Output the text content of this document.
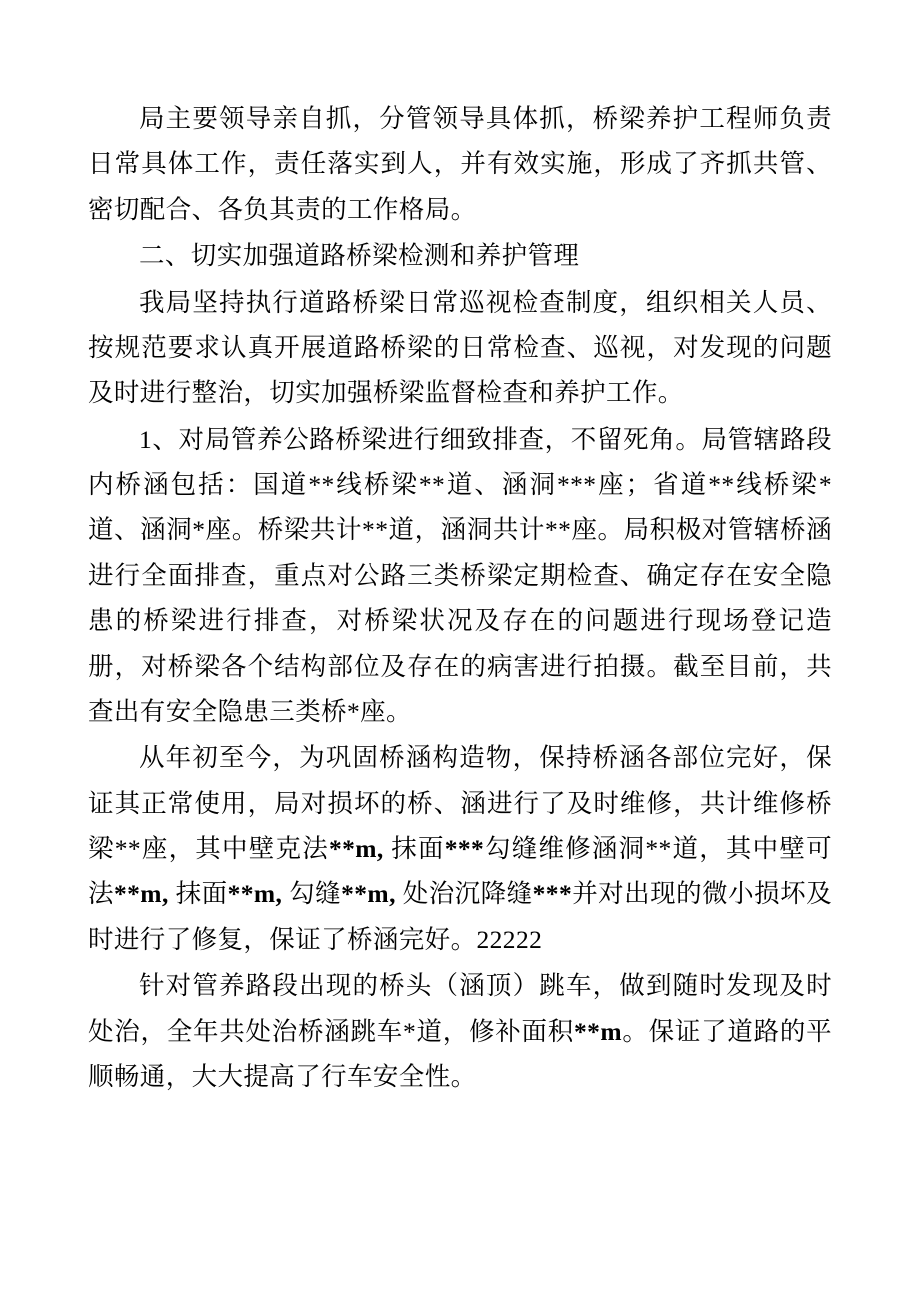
局主要领导亲自抓，分管领导具体抓，桥梁养护工程师负责日常具体工作，责任落实到人，并有效实施，形成了齐抓共管、密切配合、各负其责的工作格局。

二、切实加强道路桥梁检测和养护管理

我局坚持执行道路桥梁日常巡视检查制度，组织相关人员、按规范要求认真开展道路桥梁的日常检查、巡视，对发现的问题及时进行整治，切实加强桥梁监督检查和养护工作。

1、对局管养公路桥梁进行细致排查，不留死角。局管辖路段内桥涵包括：国道**线桥梁**道、涵洞***座；省道**线桥梁*道、涵洞*座。桥梁共计**道，涵洞共计**座。局积极对管辖桥涵进行全面排查，重点对公路三类桥梁定期检查、确定存在安全隐患的桥梁进行排查，对桥梁状况及存在的问题进行现场登记造册，对桥梁各个结构部位及存在的病害进行拍摄。截至目前，共查出有安全隐患三类桥*座。

从年初至今，为巩固桥涵构造物，保持桥涵各部位完好，保证其正常使用，局对损坏的桥、涵进行了及时维修，共计维修桥梁**座，其中壁克法**m, 抹面***勾缝维修涵洞**道，其中壁可法**m, 抹面**m, 勾缝**m, 处治沉降缝***并对出现的微小损坏及时进行了修复，保证了桥涵完好。22222

针对管养路段出现的桥头（涵顶）跳车，做到随时发现及时处治，全年共处治桥涵跳车*道，修补面积**m。保证了道路的平顺畅通，大大提高了行车安全性。
